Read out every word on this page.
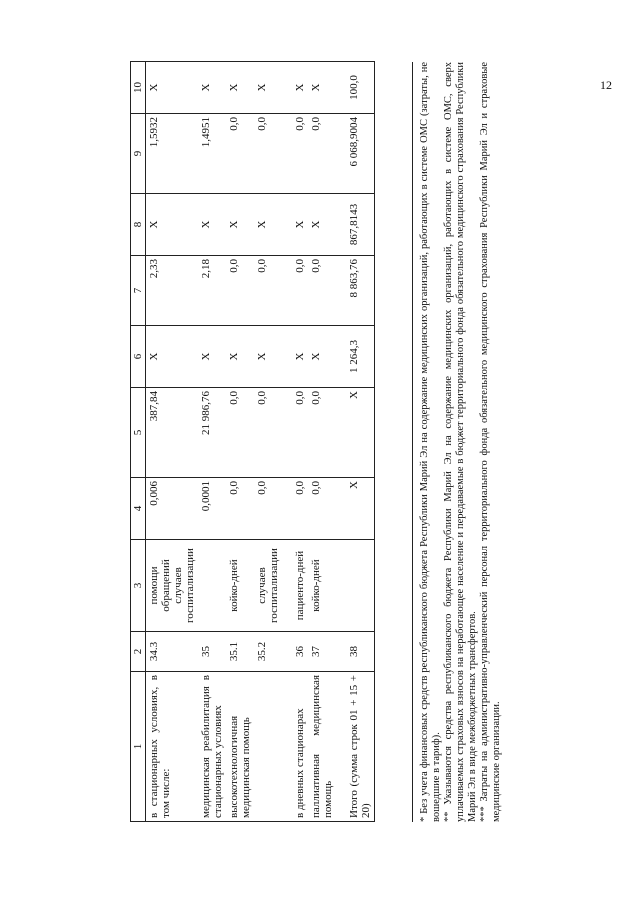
12
1	2	3	4	5	6	7	8	9	10
в стационарных условиях, в том числе:	34.3	помощи обращений случаев госпитализации	0,006	387,84	X	2,33	X	1,5932	X
медицинская реабилитация в стационарных условиях	35		0,0001	21 986,76	X	2,18	X	1,4951	X
высокотехнологичная медицинская помощь	35.1	койко-дней	0,0	0,0	X	0,0	X	0,0	X
	35.2	случаев госпитализации	0,0	0,0	X	0,0	X	0,0	X
в дневных стационарах	36	пациенто-дней	0,0	0,0	X	0,0	X	0,0	X
паллиативная медицинская помощь	37	койко-дней	0,0	0,0	X	0,0	X	0,0	X
Итого (сумма строк 01 + 15 + 20)	38		X	X	1 264,3	8 863,76	867,8143	6 068,9004	100,0	* Без учета финансовых средств республиканского бюджета Республики Марий Эл на содержание медицинских организаций, работающих в системе ОМС (затраты, не вошедшие в тариф). ** Указываются средства республиканского бюджета Республики Марий Эл на содержание медицинских организаций, работающих в системе ОМС, сверх уплачиваемых страховых взносов на неработающее население и передаваемые в бюджет территориального фонда обязательного медицинского страхования Республики Марий Эл в виде межбюджетных трансфертов. *** Затраты на административно-управленческий персонал территориального фонда обязательного медицинского страхования Республики Марий Эл и страховые медицинские организации.
